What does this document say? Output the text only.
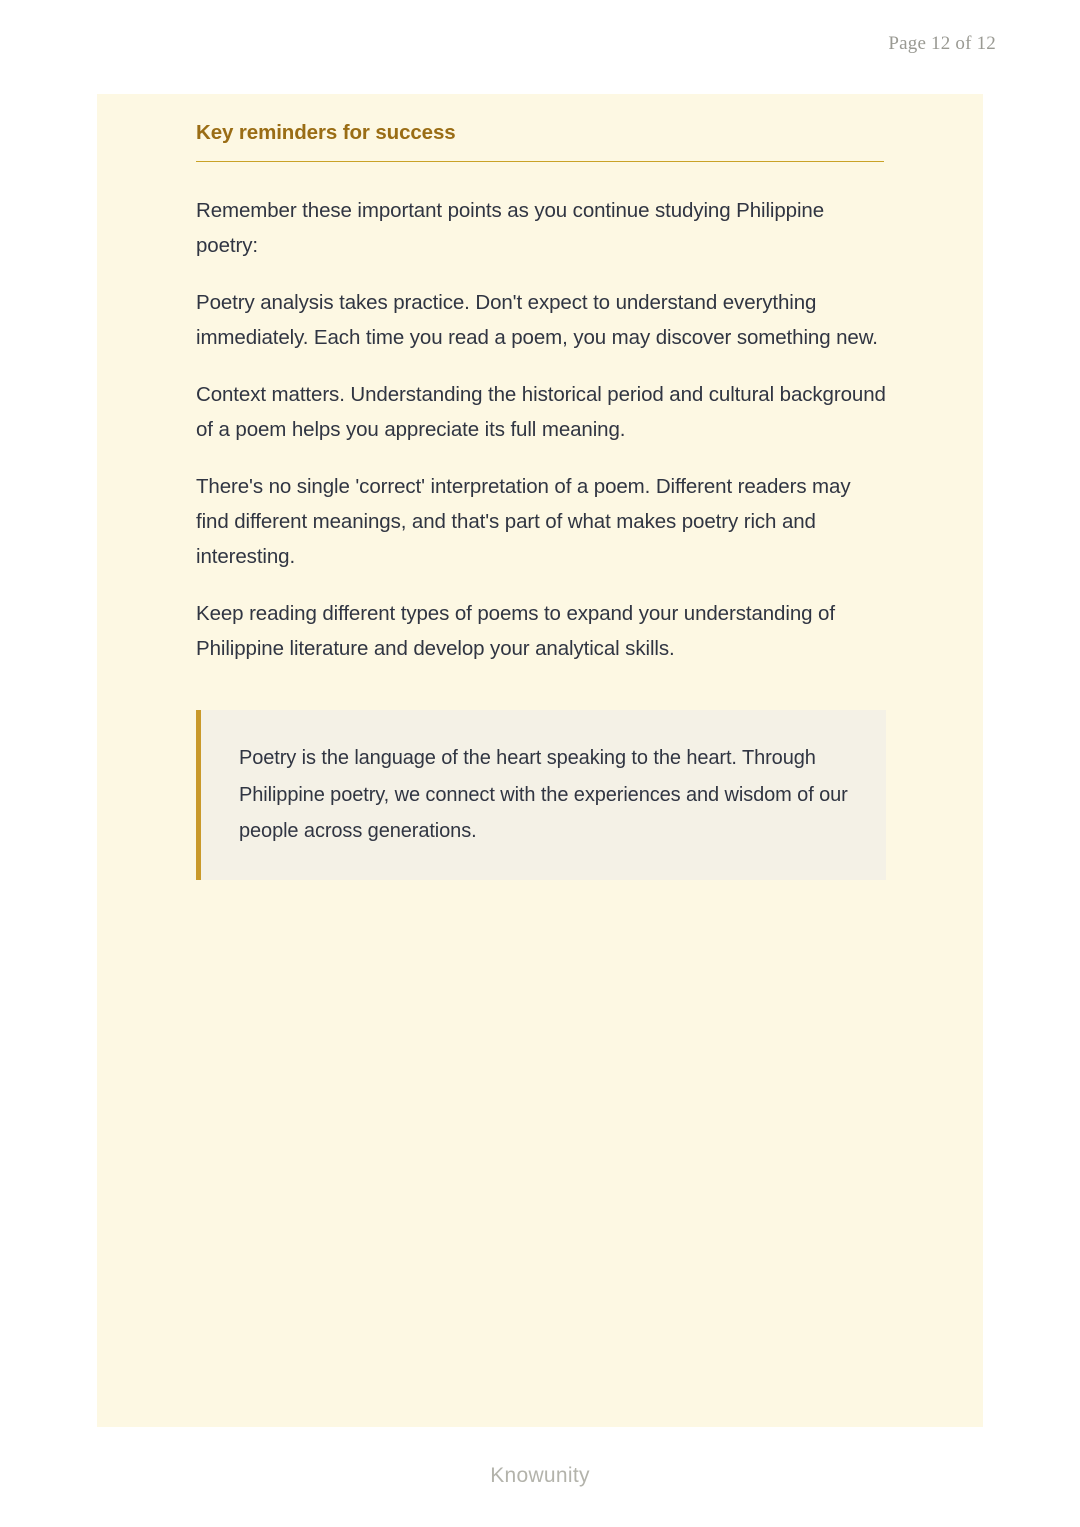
Page 12 of 12
Key reminders for success

Remember these important points as you continue studying Philippine poetry:

Poetry analysis takes practice. Don't expect to understand everything immediately. Each time you read a poem, you may discover something new.

Context matters. Understanding the historical period and cultural background of a poem helps you appreciate its full meaning.

There's no single 'correct' interpretation of a poem. Different readers may find different meanings, and that's part of what makes poetry rich and interesting.

Keep reading different types of poems to expand your understanding of Philippine literature and develop your analytical skills.

Poetry is the language of the heart speaking to the heart. Through Philippine poetry, we connect with the experiences and wisdom of our people across generations.

Knowunity
